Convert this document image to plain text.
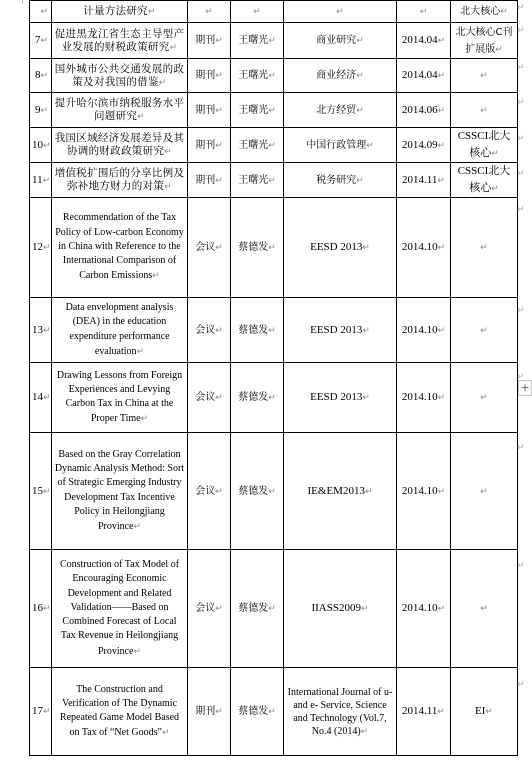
↵	计量方法研究↵	↵	↵	↵	↵	北大核心↵
7↵	促进黑龙江省生态主导型产业发展的财税政策研究↵	期刊↵	王曙光↵	商业研究↵	2014.04↵	北大核心C刊扩展版↵
8↵	国外城市公共交通发展的政策及对我国的借鉴↵	期刊↵	王曙光↵	商业经济↵	2014.04↵	↵
9↵	提升哈尔滨市纳税服务水平问题研究↵	期刊↵	王曙光↵	北方经贸↵	2014.06↵	↵
10↵	我国区域经济发展差异及其协调的财政政策研究↵	期刊↵	王曙光↵	中国行政管理↵	2014.09↵	CSSCI北大核心↵
11↵	增值税扩围后的分享比例及弥补地方财力的对策↵	期刊↵	王曙光↵	税务研究↵	2014.11↵	CSSCI北大核心↵
12↵	Recommendation of the Tax Policy of Low-carbon Economy in China with Reference to the International Comparison of Carbon Emissions↵	会议↵	蔡德发↵	EESD 2013↵	2014.10↵	↵
13↵	Data envelopment analysis (DEA) in the education expenditure performance evaluation↵	会议↵	蔡德发↵	EESD 2013↵	2014.10↵	↵
14↵	Drawing Lessons from Foreign Experiences and Levying Carbon Tax in China at the Proper Time↵	会议↵	蔡德发↵	EESD 2013↵	2014.10↵	↵
15↵	Based on the Gray Correlation Dynamic Analysis Method: Sort of Strategic Emerging Industry Development Tax Incentive Policy in Heilongjiang Province↵	会议↵	蔡德发↵	IE&EM2013↵	2014.10↵	↵
16↵	Construction of Tax Model of Encouraging Economic Development and Related Validation——Based on Combined Forecast of Local Tax Revenue in Heilongjiang Province↵	会议↵	蔡德发↵	IIASS2009↵	2014.10↵	↵
17↵	The Construction and Verification of The Dynamic Repeated Game Model Based on Tax of “Net Goods”↵	期刊↵	蔡德发↵	International Journal of u- and e- Service, Science and Technology (Vol.7, No.4 (2014)↵	2014.11↵	EI↵
+
↵
↵
↵
↵
↵
↵
↵
↵
↵
↵
↵
↵
